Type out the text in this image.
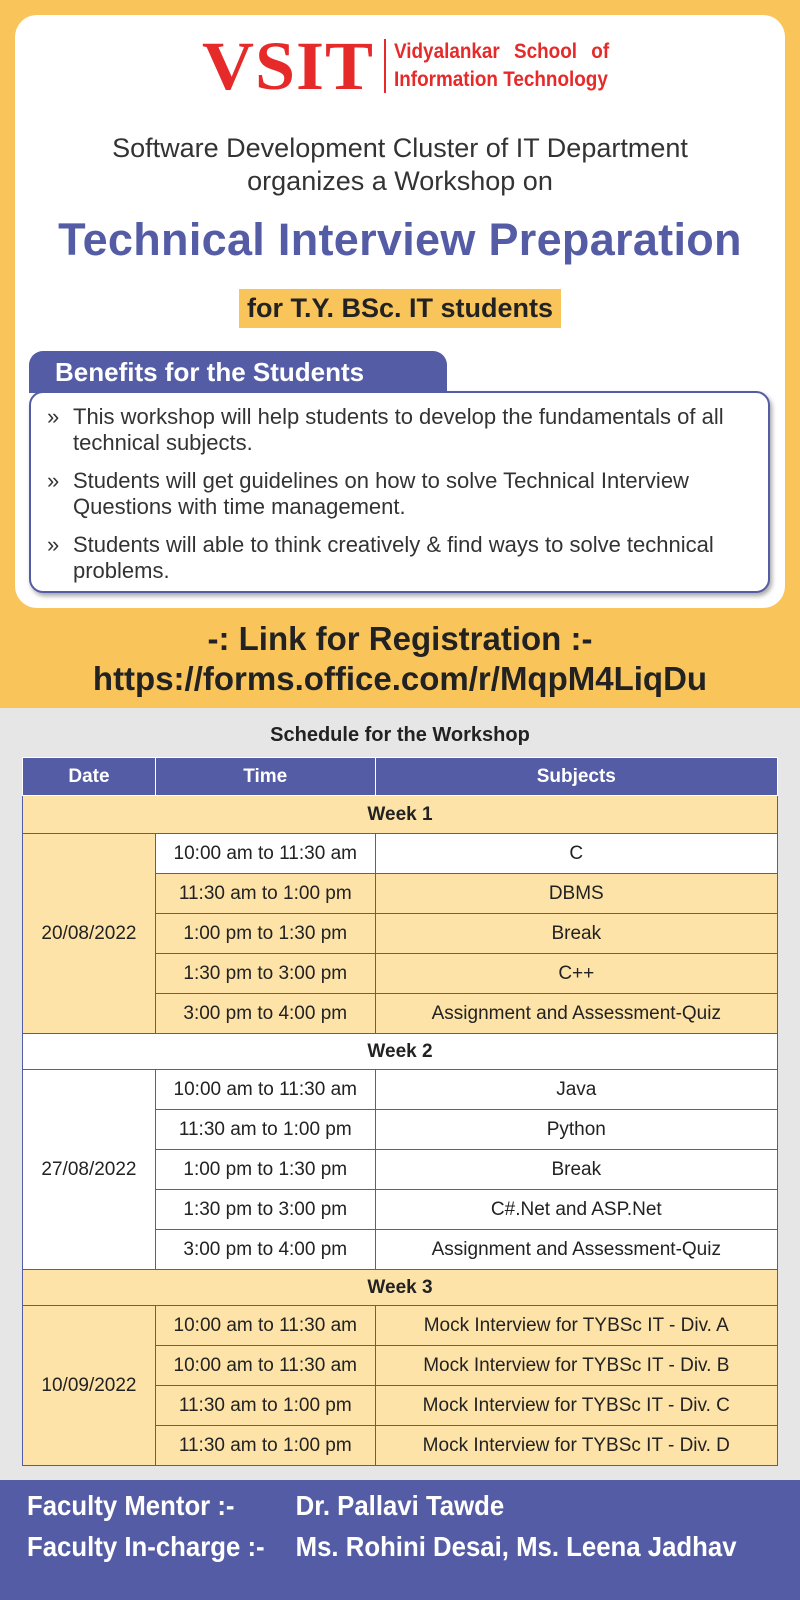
VSIT Vidyalankar School of
Information Technology
Software Development Cluster of IT Department
organizes a Workshop on
Technical Interview Preparation
for T.Y. BSc. IT students
Benefits for the Students
» This workshop will help students to develop the fundamentals of all technical subjects.
» Students will get guidelines on how to solve Technical Interview Questions with time management.
» Students will able to think creatively & find ways to solve technical problems.
-: Link for Registration :-
https://forms.office.com/r/MqpM4LiqDu
Schedule for the Workshop
Date	Time	Subjects
Week 1		
20/08/2022	10:00 am to 11:30 am	C
	11:30 am to 1:00 pm	DBMS
	1:00 pm to 1:30 pm	Break
	1:30 pm to 3:00 pm	C++
	3:00 pm to 4:00 pm	Assignment and Assessment-Quiz
Week 2		
27/08/2022	10:00 am to 11:30 am	Java
	11:30 am to 1:00 pm	Python
	1:00 pm to 1:30 pm	Break
	1:30 pm to 3:00 pm	C#.Net and ASP.Net
	3:00 pm to 4:00 pm	Assignment and Assessment-Quiz
Week 3		
10/09/2022	10:00 am to 11:30 am	Mock Interview for TYBSc IT - Div. A
	10:00 am to 11:30 am	Mock Interview for TYBSc IT - Div. B
	11:30 am to 1:00 pm	Mock Interview for TYBSc IT - Div. C
	11:30 am to 1:00 pm	Mock Interview for TYBSc IT - Div. D
Faculty Mentor :- Dr. Pallavi Tawde
Faculty In-charge :- Ms. Rohini Desai, Ms. Leena Jadhav
